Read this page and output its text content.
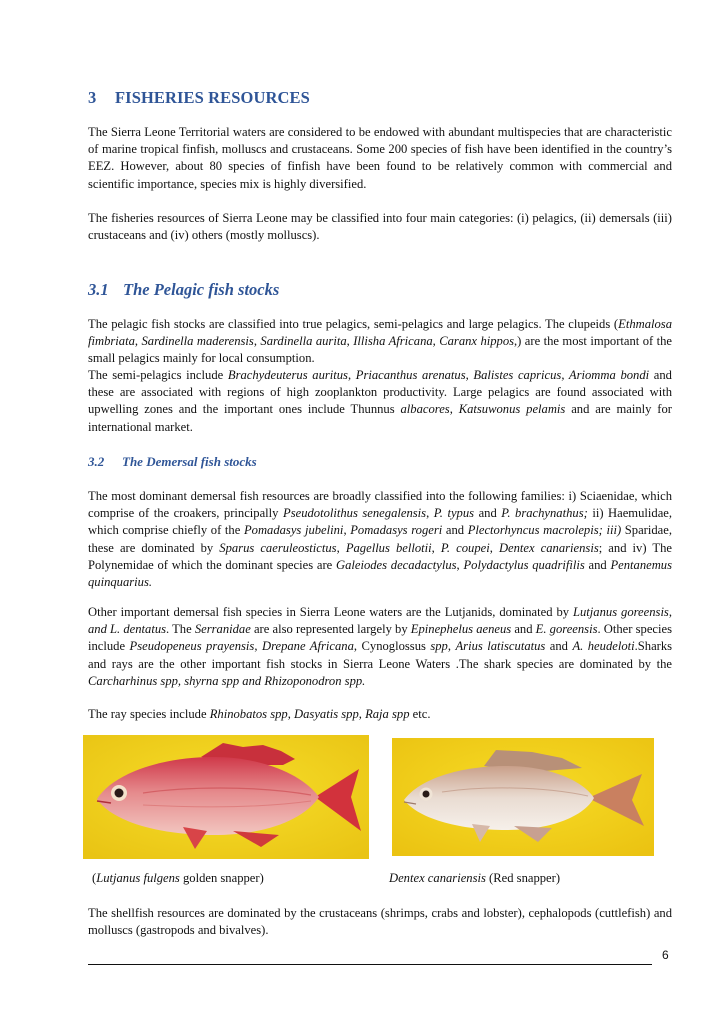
3 FISHERIES RESOURCES

The Sierra Leone Territorial waters are considered to be endowed with abundant multispecies that are characteristic of marine tropical finfish, molluscs and crustaceans. Some 200 species of fish have been identified in the country’s EEZ. However, about 80 species of finfish have been found to be relatively common with commercial and scientific importance, species mix is highly diversified.

The fisheries resources of Sierra Leone may be classified into four main categories: (i) pelagics, (ii) demersals (iii) crustaceans and (iv) others (mostly molluscs).

3.1 The Pelagic fish stocks

The pelagic fish stocks are classified into true pelagics, semi-pelagics and large pelagics. The clupeids (Ethmalosa fimbriata, Sardinella maderensis, Sardinella aurita, Illisha Africana, Caranx hippos,) are the most important of the small pelagics mainly for local consumption.

The semi-pelagics include Brachydeuterus auritus, Priacanthus arenatus, Balistes capricus, Ariomma bondi and these are associated with regions of high zooplankton productivity. Large pelagics are found associated with upwelling zones and the important ones include Thunnus albacores, Katsuwonus pelamis and are mainly for international market.

3.2 The Demersal fish stocks

The most dominant demersal fish resources are broadly classified into the following families: i) Sciaenidae, which comprise of the croakers, principally Pseudotolithus senegalensis, P. typus and P. brachynathus; ii) Haemulidae, which comprise chiefly of the Pomadasys jubelini, Pomadasys rogeri and Plectorhyncus macrolepis; iii) Sparidae, these are dominated by Sparus caeruleostictus, Pagellus bellotii, P. coupei, Dentex canariensis; and iv) The Polynemidae of which the dominant species are Galeiodes decadactylus, Polydactylus quadrifilis and Pentanemus quinquarius.

Other important demersal fish species in Sierra Leone waters are the Lutjanids, dominated by Lutjanus goreensis, and L. dentatus. The Serranidae are also represented largely by Epinephelus aeneus and E. goreensis. Other species include Pseudopeneus prayensis, Drepane Africana, Cynoglossus spp, Arius latiscutatus and A. heudeloti.Sharks and rays are the other important fish stocks in Sierra Leone Waters .The shark species are dominated by the Carcharhinus spp, shyrna spp and Rhizoponodron spp.

The ray species include Rhinobatos spp, Dasyatis spp, Raja spp etc.

(Lutjanus fulgens golden snapper)	Dentex canariensis (Red snapper)

The shellfish resources are dominated by the crustaceans (shrimps, crabs and lobster), cephalopods (cuttlefish) and molluscs (gastropods and bivalves).

6
